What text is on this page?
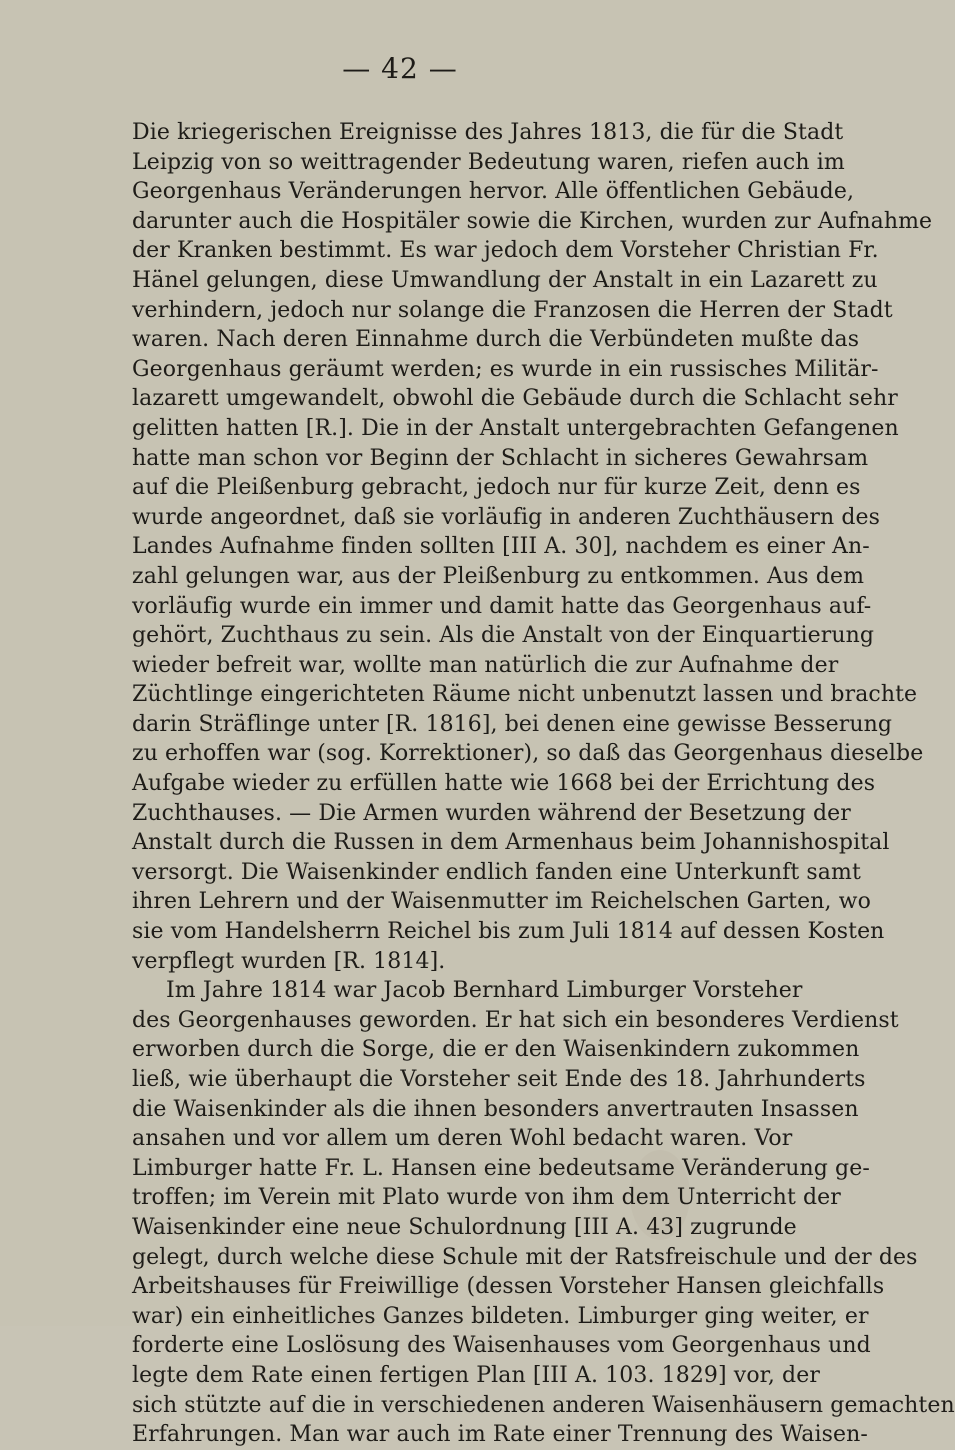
— 42 —
Die kriegerischen Ereignisse des Jahres 1813, die für die Stadt
Leipzig von so weittragender Bedeutung waren, riefen auch im
Georgenhaus Veränderungen hervor. Alle öffentlichen Gebäude,
darunter auch die Hospitäler sowie die Kirchen, wurden zur Aufnahme
der Kranken bestimmt. Es war jedoch dem Vorsteher Christian Fr.
Hänel gelungen, diese Umwandlung der Anstalt in ein Lazarett zu
verhindern, jedoch nur solange die Franzosen die Herren der Stadt
waren. Nach deren Einnahme durch die Verbündeten mußte das
Georgenhaus geräumt werden; es wurde in ein russisches Militär-
lazarett umgewandelt, obwohl die Gebäude durch die Schlacht sehr
gelitten hatten [R.]. Die in der Anstalt untergebrachten Gefangenen
hatte man schon vor Beginn der Schlacht in sicheres Gewahrsam
auf die Pleißenburg gebracht, jedoch nur für kurze Zeit, denn es
wurde angeordnet, daß sie vorläufig in anderen Zuchthäusern des
Landes Aufnahme finden sollten [III A. 30], nachdem es einer An-
zahl gelungen war, aus der Pleißenburg zu entkommen. Aus dem
vorläufig wurde ein immer und damit hatte das Georgenhaus auf-
gehört, Zuchthaus zu sein. Als die Anstalt von der Einquartierung
wieder befreit war, wollte man natürlich die zur Aufnahme der
Züchtlinge eingerichteten Räume nicht unbenutzt lassen und brachte
darin Sträflinge unter [R. 1816], bei denen eine gewisse Besserung
zu erhoffen war (sog. Korrektioner), so daß das Georgenhaus dieselbe
Aufgabe wieder zu erfüllen hatte wie 1668 bei der Errichtung des
Zuchthauses. — Die Armen wurden während der Besetzung der
Anstalt durch die Russen in dem Armenhaus beim Johannishospital
versorgt. Die Waisenkinder endlich fanden eine Unterkunft samt
ihren Lehrern und der Waisenmutter im Reichelschen Garten, wo
sie vom Handelsherrn Reichel bis zum Juli 1814 auf dessen Kosten
verpflegt wurden [R. 1814].
Im Jahre 1814 war Jacob Bernhard Limburger Vorsteher
des Georgenhauses geworden. Er hat sich ein besonderes Verdienst
erworben durch die Sorge, die er den Waisenkindern zukommen
ließ, wie überhaupt die Vorsteher seit Ende des 18. Jahrhunderts
die Waisenkinder als die ihnen besonders anvertrauten Insassen
ansahen und vor allem um deren Wohl bedacht waren. Vor
Limburger hatte Fr. L. Hansen eine bedeutsame Veränderung ge-
troffen; im Verein mit Plato wurde von ihm dem Unterricht der
Waisenkinder eine neue Schulordnung [III A. 43] zugrunde
gelegt, durch welche diese Schule mit der Ratsfreischule und der des
Arbeitshauses für Freiwillige (dessen Vorsteher Hansen gleichfalls
war) ein einheitliches Ganzes bildeten. Limburger ging weiter, er
forderte eine Loslösung des Waisenhauses vom Georgenhaus und
legte dem Rate einen fertigen Plan [III A. 103. 1829] vor, der
sich stützte auf die in verschiedenen anderen Waisenhäusern gemachten
Erfahrungen. Man war auch im Rate einer Trennung des Waisen-
